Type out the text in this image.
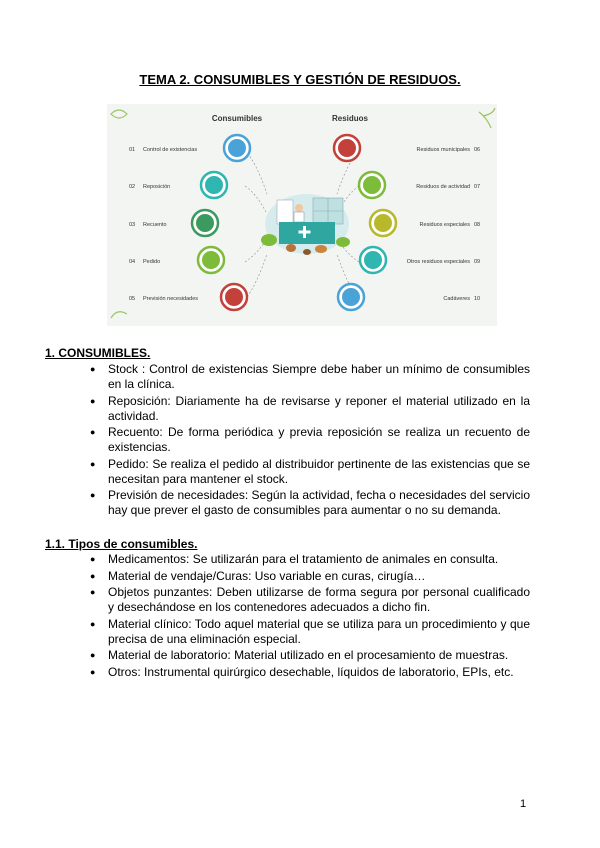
TEMA 2. CONSUMIBLES Y GESTIÓN DE RESIDUOS.
Consumibles	Residuos
01 Control de existencias
02 Reposición
03 Recuento
04 Pedido
05 Previsión necesidades
Residuos municipales 06
Residuos de actividad 07
Residuos especiales 08
Otros residuos especiales 09
Cadáveres 10
1. CONSUMIBLES.
● Stock : Control de existencias Siempre debe haber un mínimo de consumibles en la clínica.
● Reposición: Diariamente ha de revisarse y reponer el material utilizado en la actividad.
● Recuento: De forma periódica y previa reposición se realiza un recuento de existencias.
● Pedido: Se realiza el pedido al distribuidor pertinente de las existencias que se necesitan para mantener el stock.
● Previsión de necesidades: Según la actividad, fecha o necesidades del servicio hay que prever el gasto de consumibles para aumentar o no su demanda.
1.1. Tipos de consumibles.
● Medicamentos: Se utilizarán para el tratamiento de animales en consulta.
● Material de vendaje/Curas: Uso variable en curas, cirugía…
● Objetos punzantes: Deben utilizarse de forma segura por personal cualificado y desechándose en los contenedores adecuados a dicho fin.
● Material clínico: Todo aquel material que se utiliza para un procedimiento y que precisa de una eliminación especial.
● Material de laboratorio: Material utilizado en el procesamiento de muestras.
● Otros: Instrumental quirúrgico desechable, líquidos de laboratorio, EPIs, etc.
1
